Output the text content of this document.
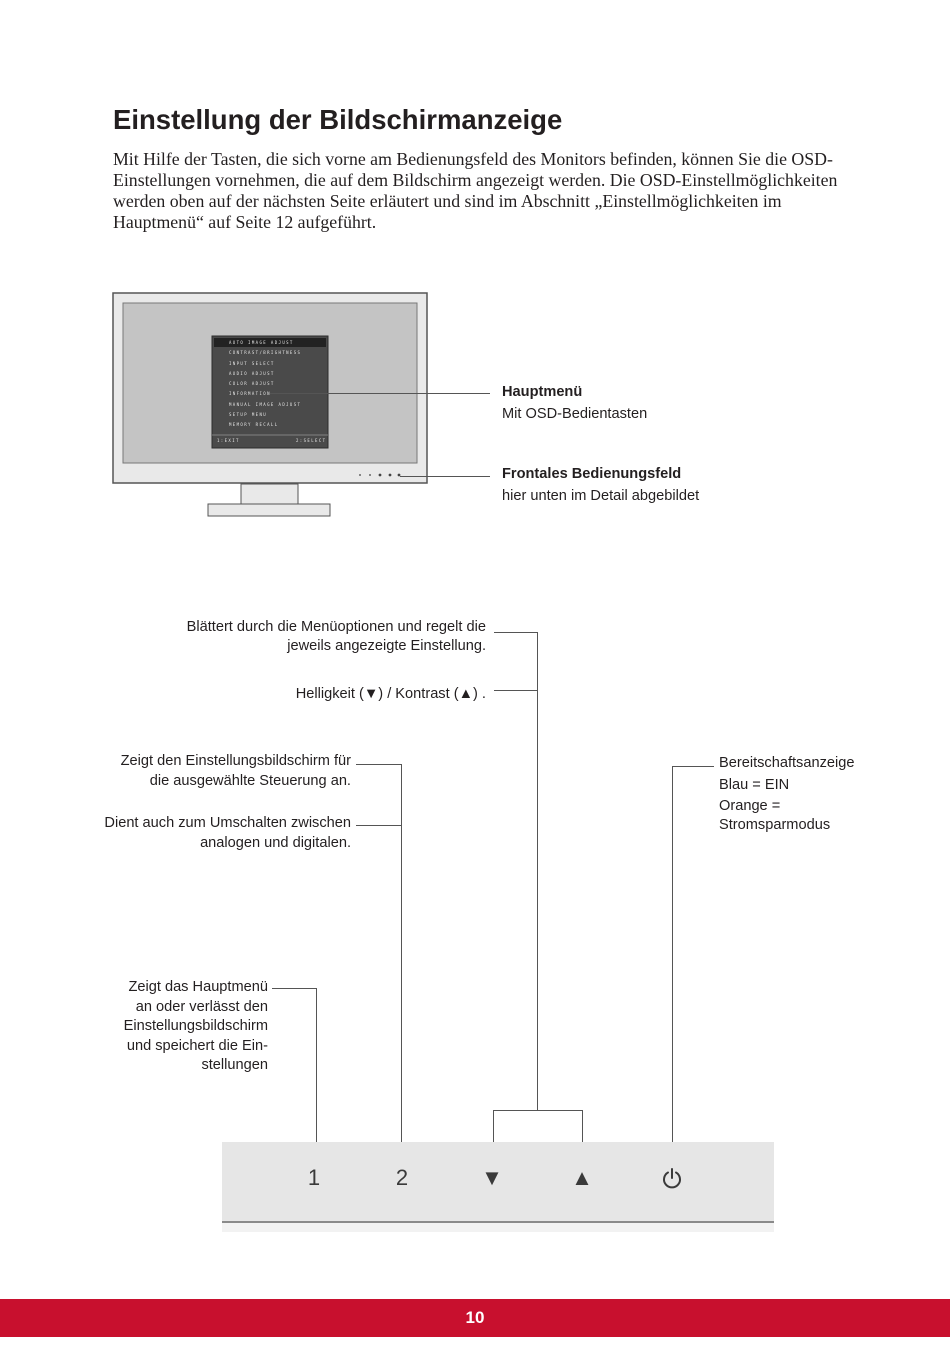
Einstellung der Bildschirmanzeige

Mit Hilfe der Tasten, die sich vorne am Bedienungsfeld des Monitors befinden, können Sie die OSD-Einstellungen vornehmen, die auf dem Bildschirm angezeigt werden. Die OSD-Einstellmöglichkeiten werden oben auf der nächsten Seite erläutert und sind im Abschnitt „Einstellmöglichkeiten im Hauptmenü“ auf Seite 12 aufgeführt.

AUTO IMAGE ADJUST
CONTRAST/BRIGHTNESS
INPUT SELECT
AUDIO ADJUST
COLOR ADJUST
INFORMATION
MANUAL IMAGE ADJUST
SETUP MENU
MEMORY RECALL
1:EXIT	2:SELECT
Hauptmenü
Mit OSD-Bedientasten
Frontales Bedienungsfeld
hier unten im Detail abgebildet
Blättert durch die Menüoptionen und regelt die
jeweils angezeigte Einstellung.
Helligkeit (▼) / Kontrast (▲) .
Zeigt den Einstellungsbildschirm für
die ausgewählte Steuerung an.
Dient auch zum Umschalten zwischen
analogen und digitalen.
Zeigt das Hauptmenü
an oder verlässt den
Einstellungsbildschirm
und speichert die Ein-
stellungen
Bereitschaftsanzeige
Blau = EIN
Orange =
Stromsparmodus
1	2	▼	▲
10
